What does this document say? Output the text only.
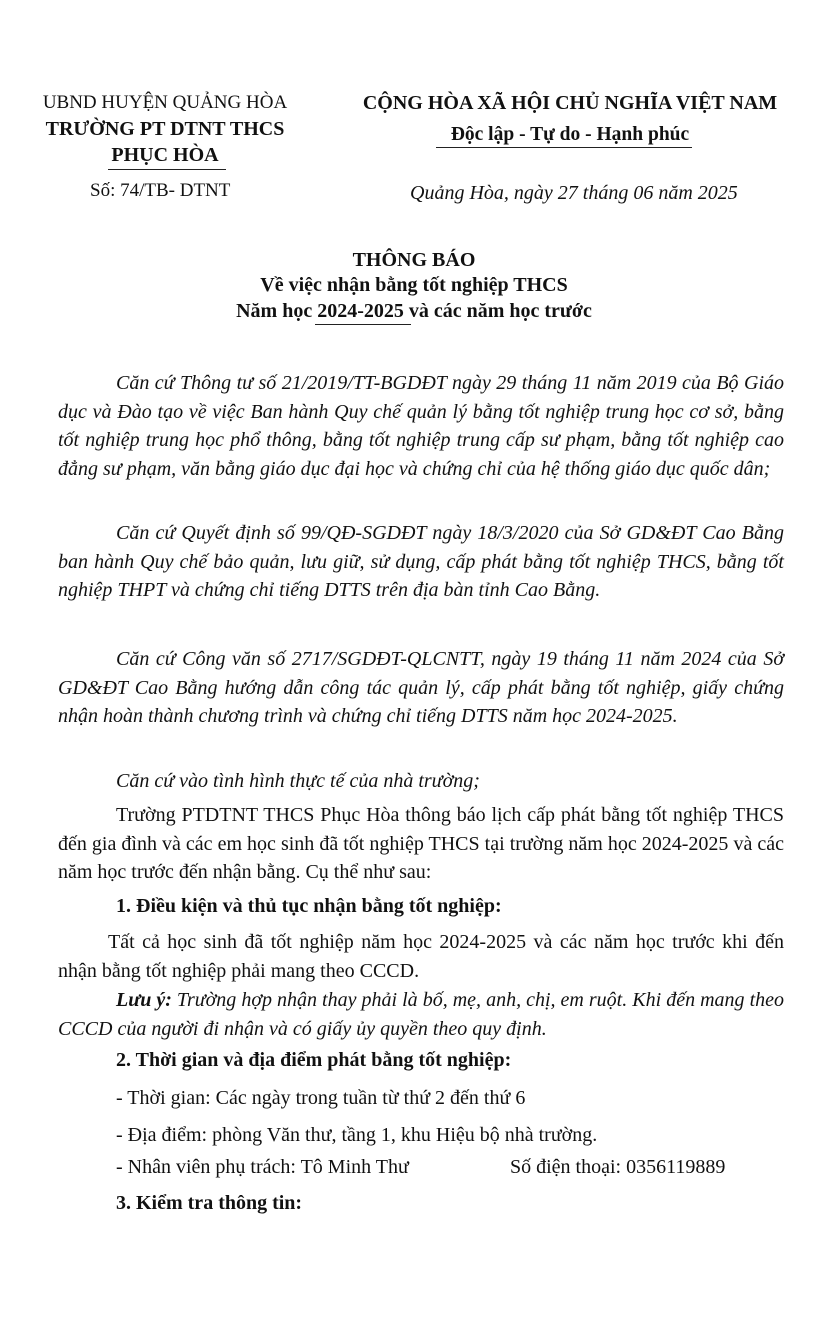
UBND HUYỆN QUẢNG HÒA
TRƯỜNG PT DTNT THCS
PHỤC HÒA
Số: 74/TB- DTNT
CỘNG HÒA XÃ HỘI CHỦ NGHĨA VIỆT NAM
Độc lập - Tự do - Hạnh phúc
Quảng Hòa, ngày 27 tháng 06 năm 2025
THÔNG BÁO
Về việc nhận bằng tốt nghiệp THCS
Năm học 2024-2025 và các năm học trước
Căn cứ Thông tư số 21/2019/TT-BGDĐT ngày 29 tháng 11 năm 2019 của Bộ Giáo dục và Đào tạo về việc Ban hành Quy chế quản lý bằng tốt nghiệp trung học cơ sở, bằng tốt nghiệp trung học phổ thông, bằng tốt nghiệp trung cấp sư phạm, bằng tốt nghiệp cao đẳng sư phạm, văn bằng giáo dục đại học và chứng chỉ của hệ thống giáo dục quốc dân;
Căn cứ Quyết định số 99/QĐ-SGDĐT ngày 18/3/2020 của Sở GD&ĐT Cao Bằng ban hành Quy chế bảo quản, lưu giữ, sử dụng, cấp phát bằng tốt nghiệp THCS, bằng tốt nghiệp THPT và chứng chỉ tiếng DTTS trên địa bàn tỉnh Cao Bằng.
Căn cứ Công văn số 2717/SGDĐT-QLCNTT, ngày 19 tháng 11 năm 2024 của Sở GD&ĐT Cao Bằng hướng dẫn công tác quản lý, cấp phát bằng tốt nghiệp, giấy chứng nhận hoàn thành chương trình và chứng chỉ tiếng DTTS năm học 2024-2025.
Căn cứ vào tình hình thực tế của nhà trường;
Trường PTDTNT THCS Phục Hòa thông báo lịch cấp phát bằng tốt nghiệp THCS đến gia đình và các em học sinh đã tốt nghiệp THCS tại trường năm học 2024-2025 và các năm học trước đến nhận bằng. Cụ thể như sau:
1. Điều kiện và thủ tục nhận bằng tốt nghiệp:
Tất cả học sinh đã tốt nghiệp năm học 2024-2025 và các năm học trước khi đến nhận bằng tốt nghiệp phải mang theo CCCD.
Lưu ý: Trường hợp nhận thay phải là bố, mẹ, anh, chị, em ruột. Khi đến mang theo CCCD của người đi nhận và có giấy ủy quyền theo quy định.
2. Thời gian và địa điểm phát bằng tốt nghiệp:
- Thời gian: Các ngày trong tuần từ thứ 2 đến thứ 6
- Địa điểm: phòng Văn thư, tầng 1, khu Hiệu bộ nhà trường.
- Nhân viên phụ trách: Tô Minh Thư	Số điện thoại: 0356119889
3. Kiểm tra thông tin:
